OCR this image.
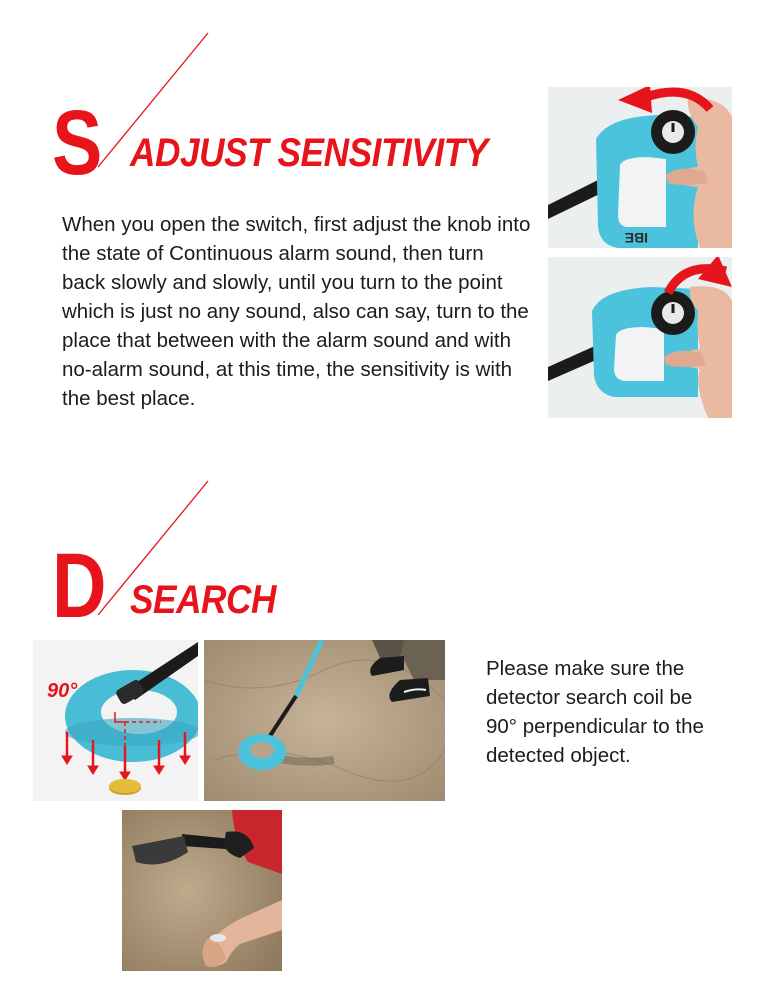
S ADJUST SENSITIVITY

When you open the switch, first adjust the knob into the state of Continuous alarm sound, then turn back slowly and slowly, until you turn to the point which is just no any sound, also can say, turn to the place that between with the alarm sound and with no-alarm sound, at this time, the sensitivity is with the best place.

IBE
D SEARCH
90°

Please make sure the detector search coil be 90° perpendicular to the detected object.
